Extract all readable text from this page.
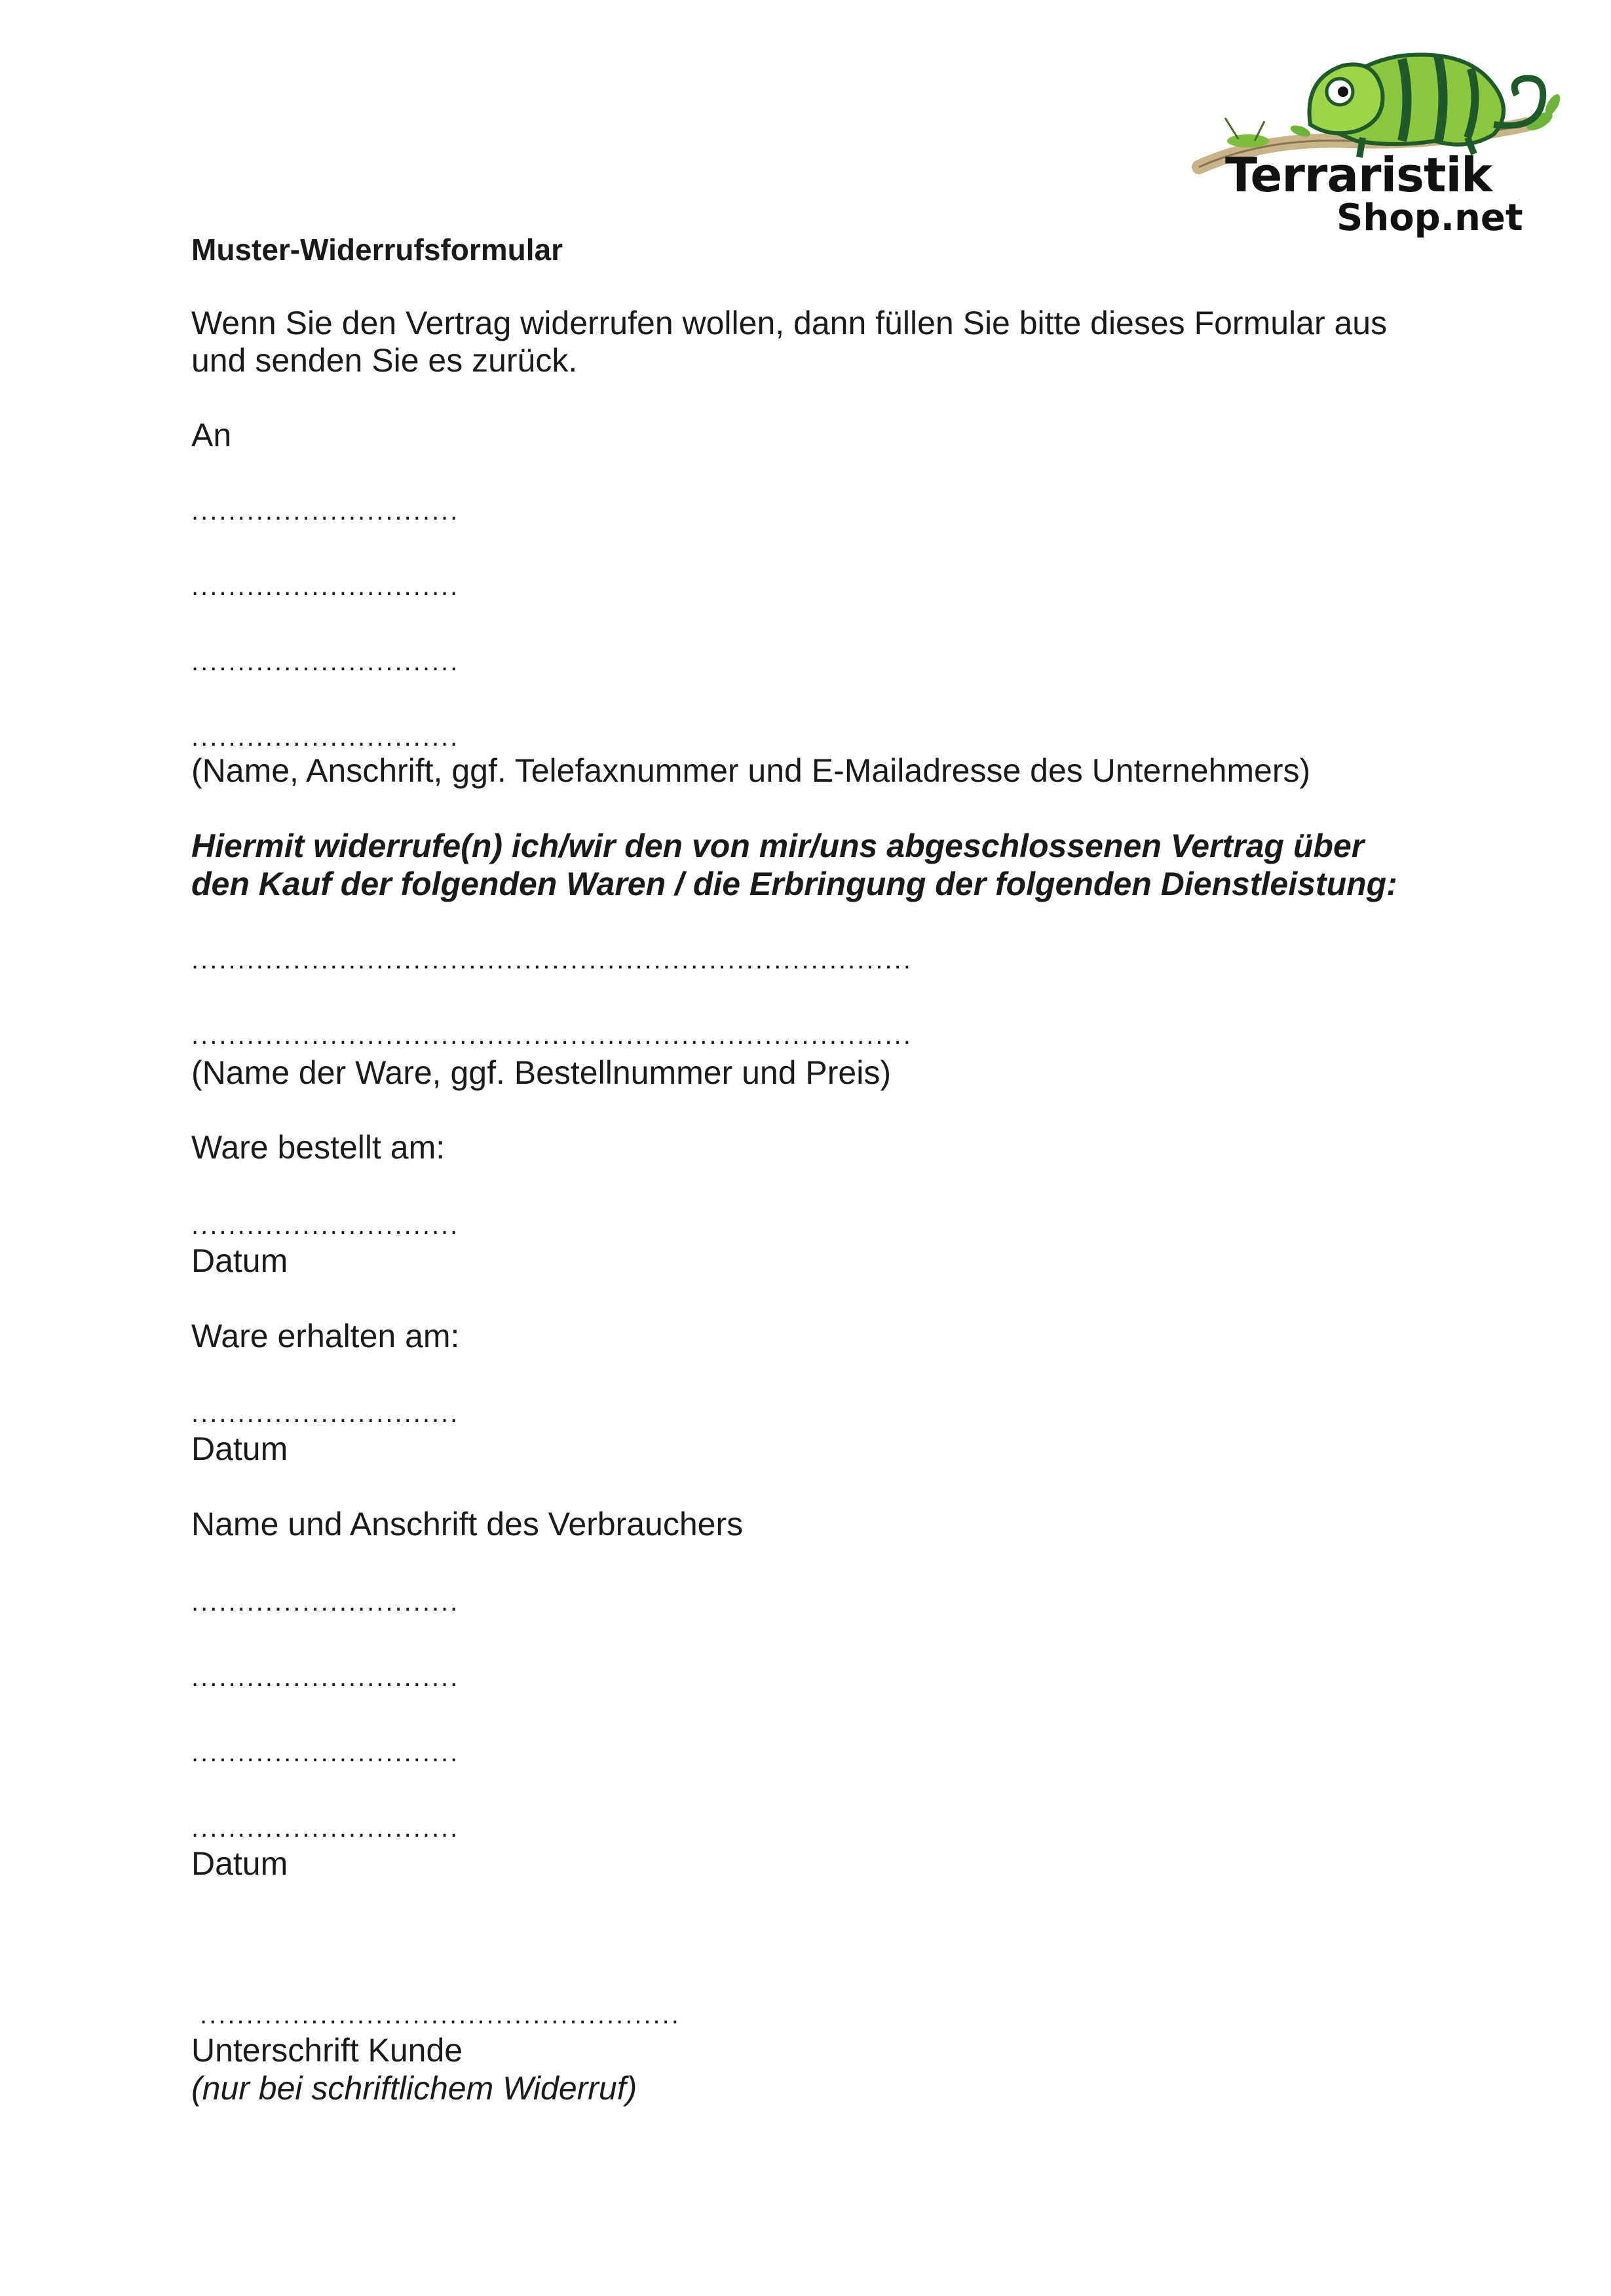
Terraristik
Shop.net

Muster-Widerrufsformular

Wenn Sie den Vertrag widerrufen wollen, dann füllen Sie bitte dieses Formular aus

und senden Sie es zurück.

An

.............................
.............................
.............................
.............................

(Name, Anschrift, ggf. Telefaxnummer und E-Mailadresse des Unternehmers)

Hiermit widerrufe(n) ich/wir den von mir/uns abgeschlossenen Vertrag über

den Kauf der folgenden Waren / die Erbringung der folgenden Dienstleistung:

..............................................................................
..............................................................................

(Name der Ware, ggf. Bestellnummer und Preis)

Ware bestellt am:

.............................

Datum

Ware erhalten am:

.............................

Datum

Name und Anschrift des Verbrauchers

.............................
.............................
.............................
.............................

Datum

....................................................

Unterschrift Kunde

(nur bei schriftlichem Widerruf)
